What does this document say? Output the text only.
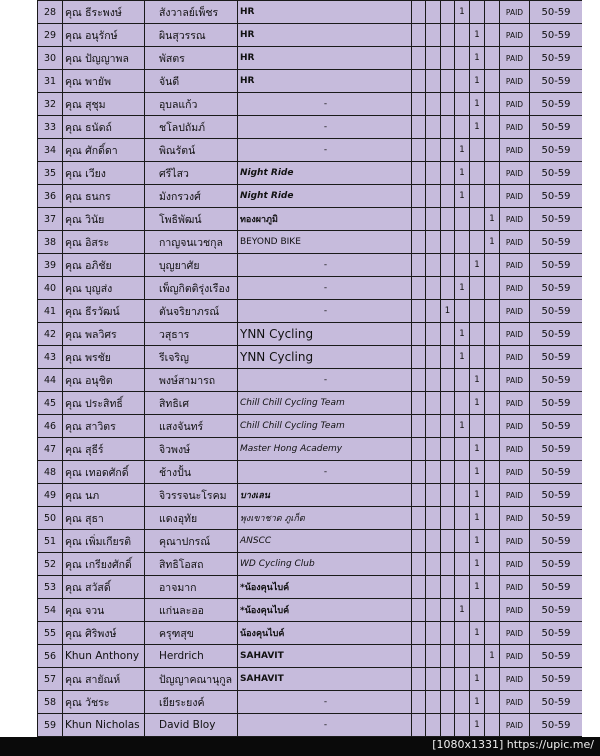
28	คุณ ธีระพงษ์	สังวาลย์เพ็ชร	HR				1			PAID	50-59
29	คุณ อนุรักษ์	ผินสุวรรณ	HR					1		PAID	50-59
30	คุณ ปัญญาพล	พัสตร	HR					1		PAID	50-59
31	คุณ พายัพ	จันดี	HR					1		PAID	50-59
32	คุณ สุชุม	อุบลแก้ว	-					1		PAID	50-59
33	คุณ ธนัดถ์	ชโลปถัมภ์	-					1		PAID	50-59
34	คุณ ศักดิ์ดา	พิณรัตน์	-				1			PAID	50-59
35	คุณ เวียง	ศรีไสว	Night Ride				1			PAID	50-59
36	คุณ ธนกร	มังกรวงศ์	Night Ride				1			PAID	50-59
37	คุณ วินัย	โพธิพัฒน์	ทองผาภูมิ						1	PAID	50-59
38	คุณ อิสระ	กาญจนเวชกุล	BEYOND BIKE						1	PAID	50-59
39	คุณ อภิชัย	บุญยาศัย	-					1		PAID	50-59
40	คุณ บุญส่ง	เพ็ญกิตติรุ่งเรือง	-				1			PAID	50-59
41	คุณ ธีรวัฒน์	ตันจริยาภรณ์	-			1				PAID	50-59
42	คุณ พลวิศร	วสุธาร	YNN Cycling				1			PAID	50-59
43	คุณ พรชัย	รีเจริญ	YNN Cycling				1			PAID	50-59
44	คุณ อนุชิต	พงษ์สามารถ	-					1		PAID	50-59
45	คุณ ประสิทธิ์	สิทธิเศ	Chill Chill Cycling Team					1		PAID	50-59
46	คุณ สาวิตร	แสงจันทร์	Chill Chill Cycling Team				1			PAID	50-59
47	คุณ สุธีร์	จิวพงษ์	Master Hong Academy					1		PAID	50-59
48	คุณ เทอดศักดิ์	ช้างปั้น	-					1		PAID	50-59
49	คุณ นภ	จิวรรจนะโรคม	บางเลน					1		PAID	50-59
50	คุณ สุธา	แดงอุทัย	พุงเขาชาด ภูเก็ต					1		PAID	50-59
51	คุณ เพิ่มเกียรติ	คุณาปกรณ์	ANSCC					1		PAID	50-59
52	คุณ เกรียงศักดิ์	สิทธิโอสถ	WD Cycling Club					1		PAID	50-59
53	คุณ สวัสดิ์	อาจมาก	*น้องคุนไบค์					1		PAID	50-59
54	คุณ จวน	แก่นละออ	*น้องคุนไบค์				1			PAID	50-59
55	คุณ ศิริพงษ์	ครุฑสุข	น้องคุนไบค์					1		PAID	50-59
56	Khun Anthony	Herdrich	SAHAVIT						1	PAID	50-59
57	คุณ สายัณห์	ปัญญาคณานุกูล	SAHAVIT					1		PAID	50-59
58	คุณ วัชระ	เยียระยงค์	-					1		PAID	50-59
59	Khun Nicholas	David Bloy	-					1		PAID	50-59
[1080x1331] https://upic.me/
